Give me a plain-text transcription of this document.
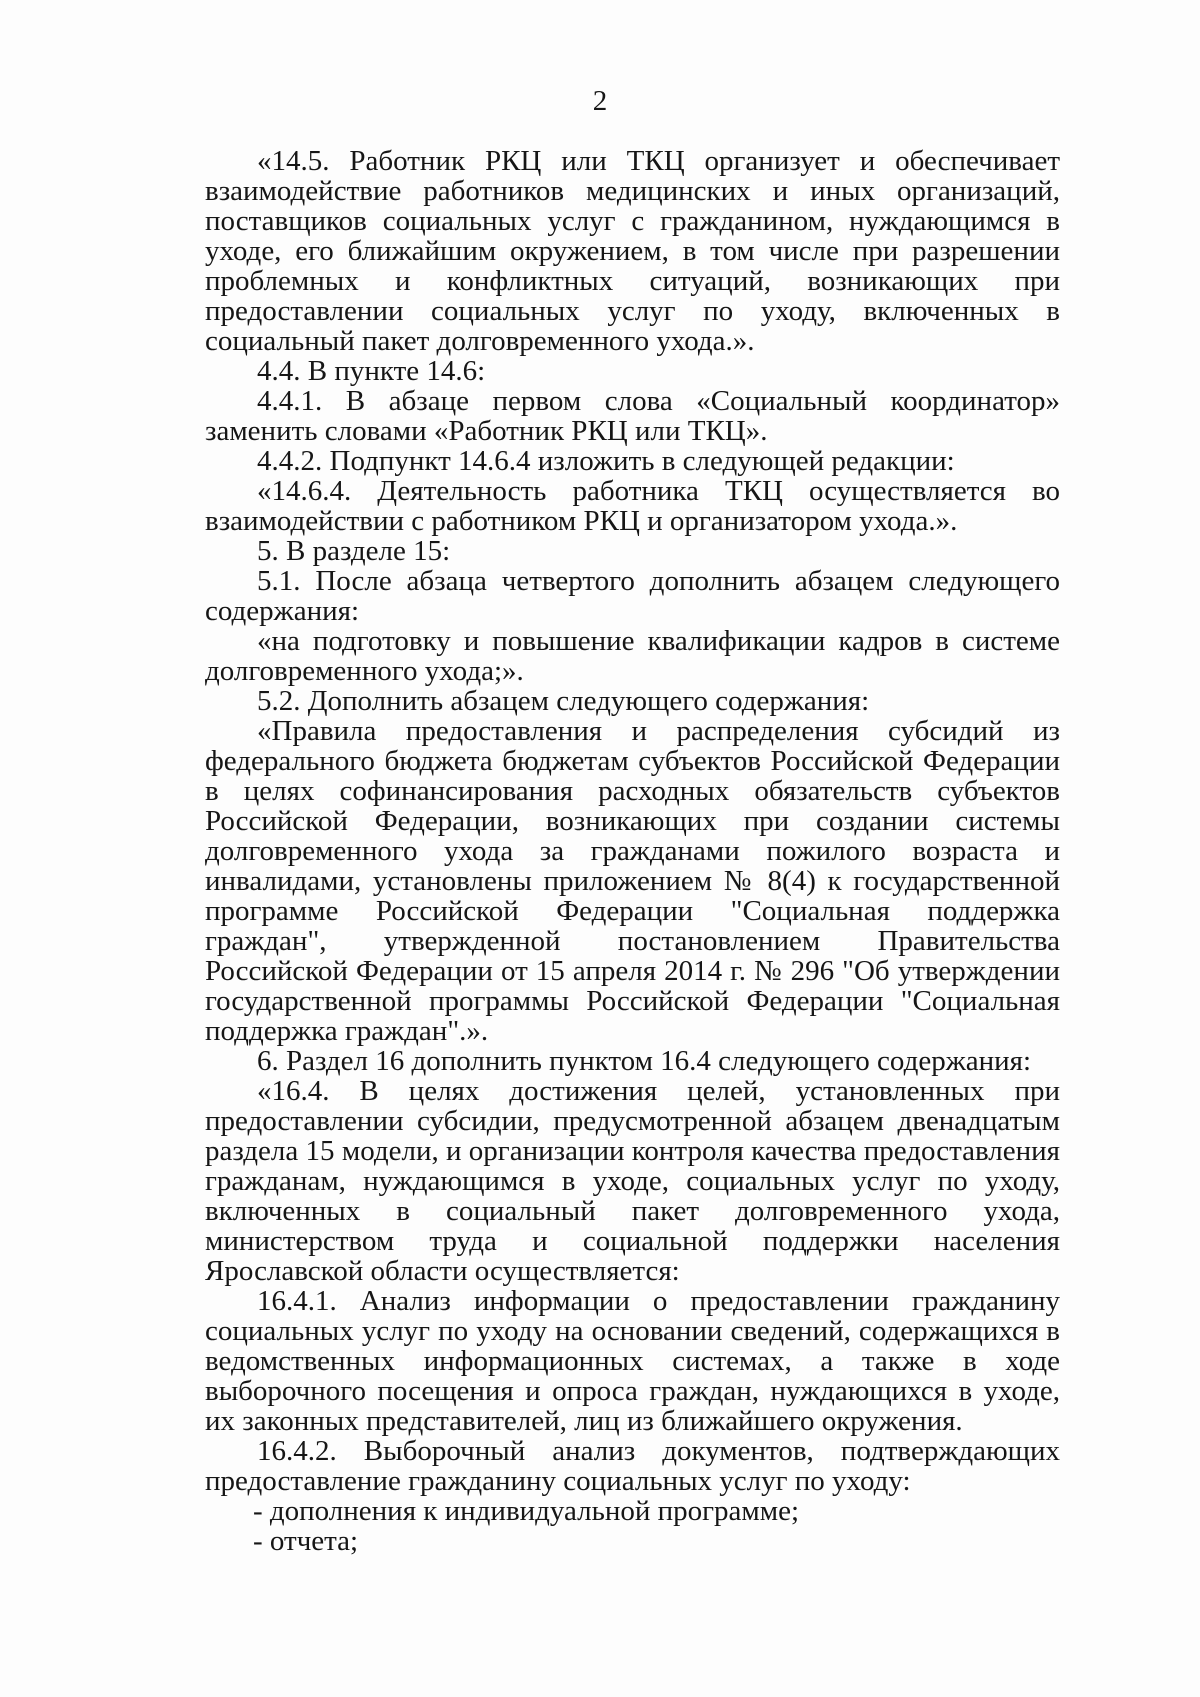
2

«14.5. Работник РКЦ или ТКЦ организует и обеспечивает взаимодействие работников медицинских и иных организаций, поставщиков социальных услуг с гражданином, нуждающимся в уходе, его ближайшим окружением, в том числе при разрешении проблемных и конфликтных ситуаций, возникающих при предоставлении социальных услуг по уходу, включенных в социальный пакет долговременного ухода.».

4.4. В пункте 14.6:

4.4.1. В абзаце первом слова «Социальный координатор» заменить словами «Работник РКЦ или ТКЦ».

4.4.2. Подпункт 14.6.4 изложить в следующей редакции:

«14.6.4. Деятельность работника ТКЦ осуществляется во взаимодействии с работником РКЦ и организатором ухода.».

5. В разделе 15:

5.1. После абзаца четвертого дополнить абзацем следующего содержания:

«на подготовку и повышение квалификации кадров в системе долговременного ухода;».

5.2. Дополнить абзацем следующего содержания:

«Правила предоставления и распределения субсидий из федерального бюджета бюджетам субъектов Российской Федерации в целях софинансирования расходных обязательств субъектов Российской Федерации, возникающих при создании системы долговременного ухода за гражданами пожилого возраста и инвалидами, установлены приложением № 8(4) к государственной программе Российской Федерации "Социальная поддержка граждан", утвержденной постановлением Правительства Российской Федерации от 15 апреля 2014 г. № 296 "Об утверждении государственной программы Российской Федерации "Социальная поддержка граждан".».

6. Раздел 16 дополнить пунктом 16.4 следующего содержания:

«16.4. В целях достижения целей, установленных при предоставлении субсидии, предусмотренной абзацем двенадцатым раздела 15 модели, и организации контроля качества предоставления гражданам, нуждающимся в уходе, социальных услуг по уходу, включенных в социальный пакет долговременного ухода, министерством труда и социальной поддержки населения Ярославской области осуществляется:

16.4.1. Анализ информации о предоставлении гражданину социальных услуг по уходу на основании сведений, содержащихся в ведомственных информационных системах, а также в ходе выборочного посещения и опроса граждан, нуждающихся в уходе, их законных представителей, лиц из ближайшего окружения.

16.4.2. Выборочный анализ документов, подтверждающих предоставление гражданину социальных услуг по уходу:

- дополнения к индивидуальной программе;

- отчета;
